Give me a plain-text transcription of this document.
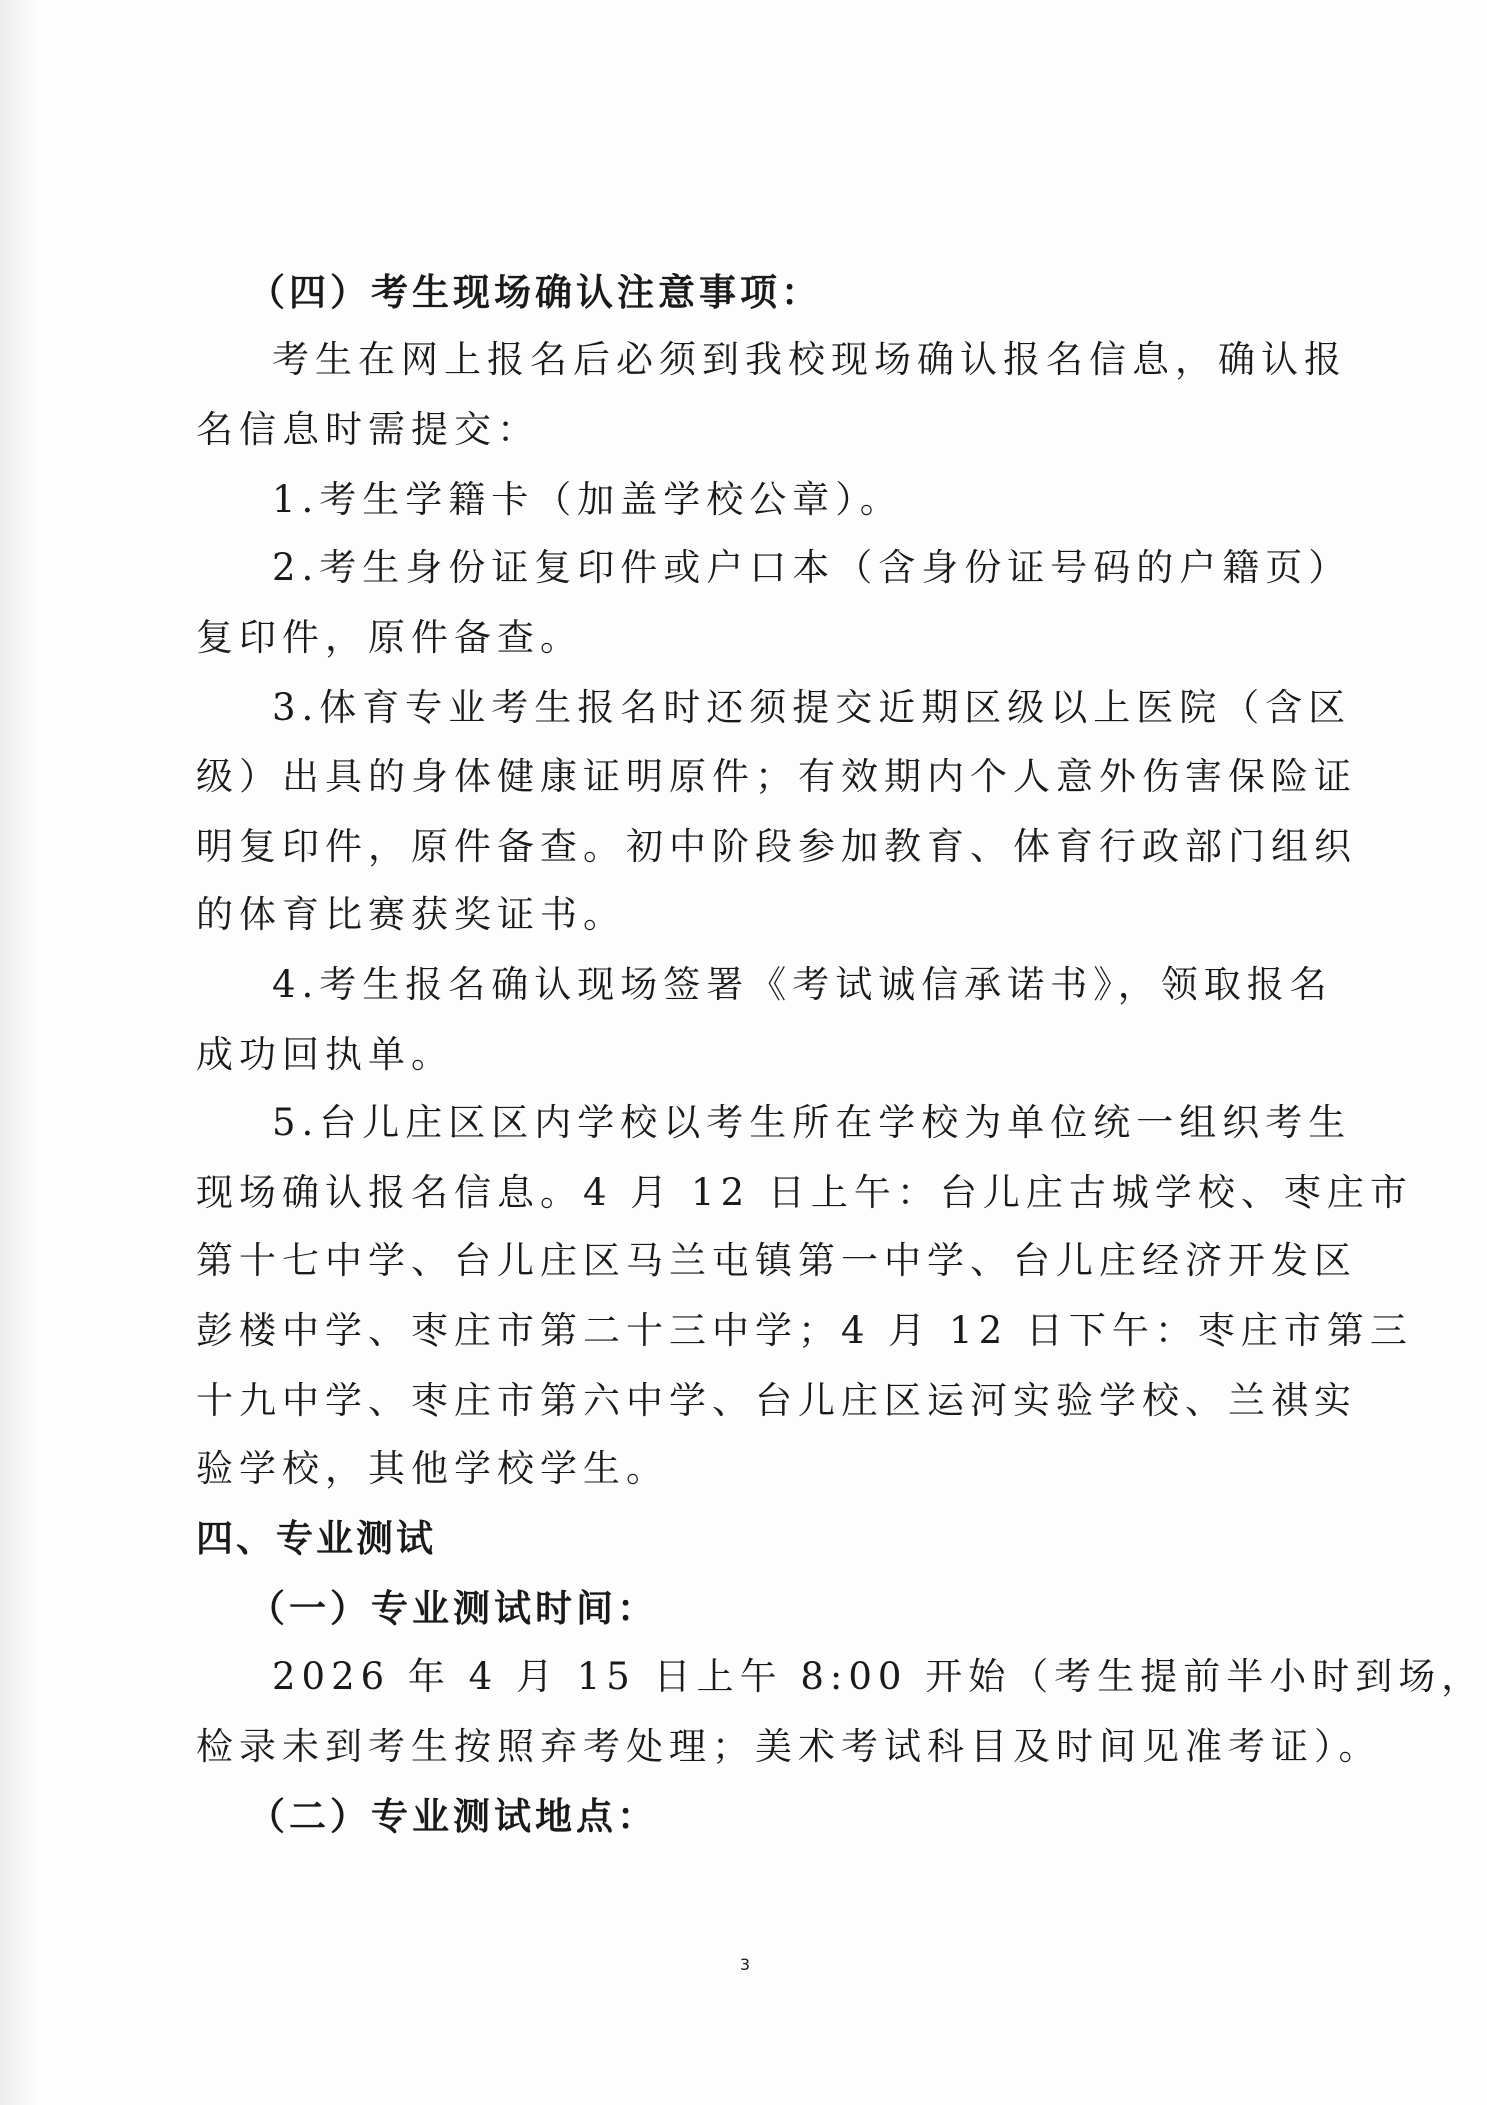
（四）考生现场确认注意事项：
考生在网上报名后必须到我校现场确认报名信息，确认报
名信息时需提交：
1.考生学籍卡（加盖学校公章）。
2.考生身份证复印件或户口本（含身份证号码的户籍页）
复印件，原件备查。
3.体育专业考生报名时还须提交近期区级以上医院（含区
级）出具的身体健康证明原件；有效期内个人意外伤害保险证
明复印件，原件备查。初中阶段参加教育、体育行政部门组织
的体育比赛获奖证书。
4.考生报名确认现场签署《考试诚信承诺书》，领取报名
成功回执单。
5.台儿庄区区内学校以考生所在学校为单位统一组织考生
现场确认报名信息。4 月 12 日上午：台儿庄古城学校、枣庄市
第十七中学、台儿庄区马兰屯镇第一中学、台儿庄经济开发区
彭楼中学、枣庄市第二十三中学；4 月 12 日下午：枣庄市第三
十九中学、枣庄市第六中学、台儿庄区运河实验学校、兰祺实
验学校，其他学校学生。
四、专业测试
（一）专业测试时间：
2026 年 4 月 15 日上午 8:00 开始（考生提前半小时到场，
检录未到考生按照弃考处理；美术考试科目及时间见准考证）。
（二）专业测试地点：
3
